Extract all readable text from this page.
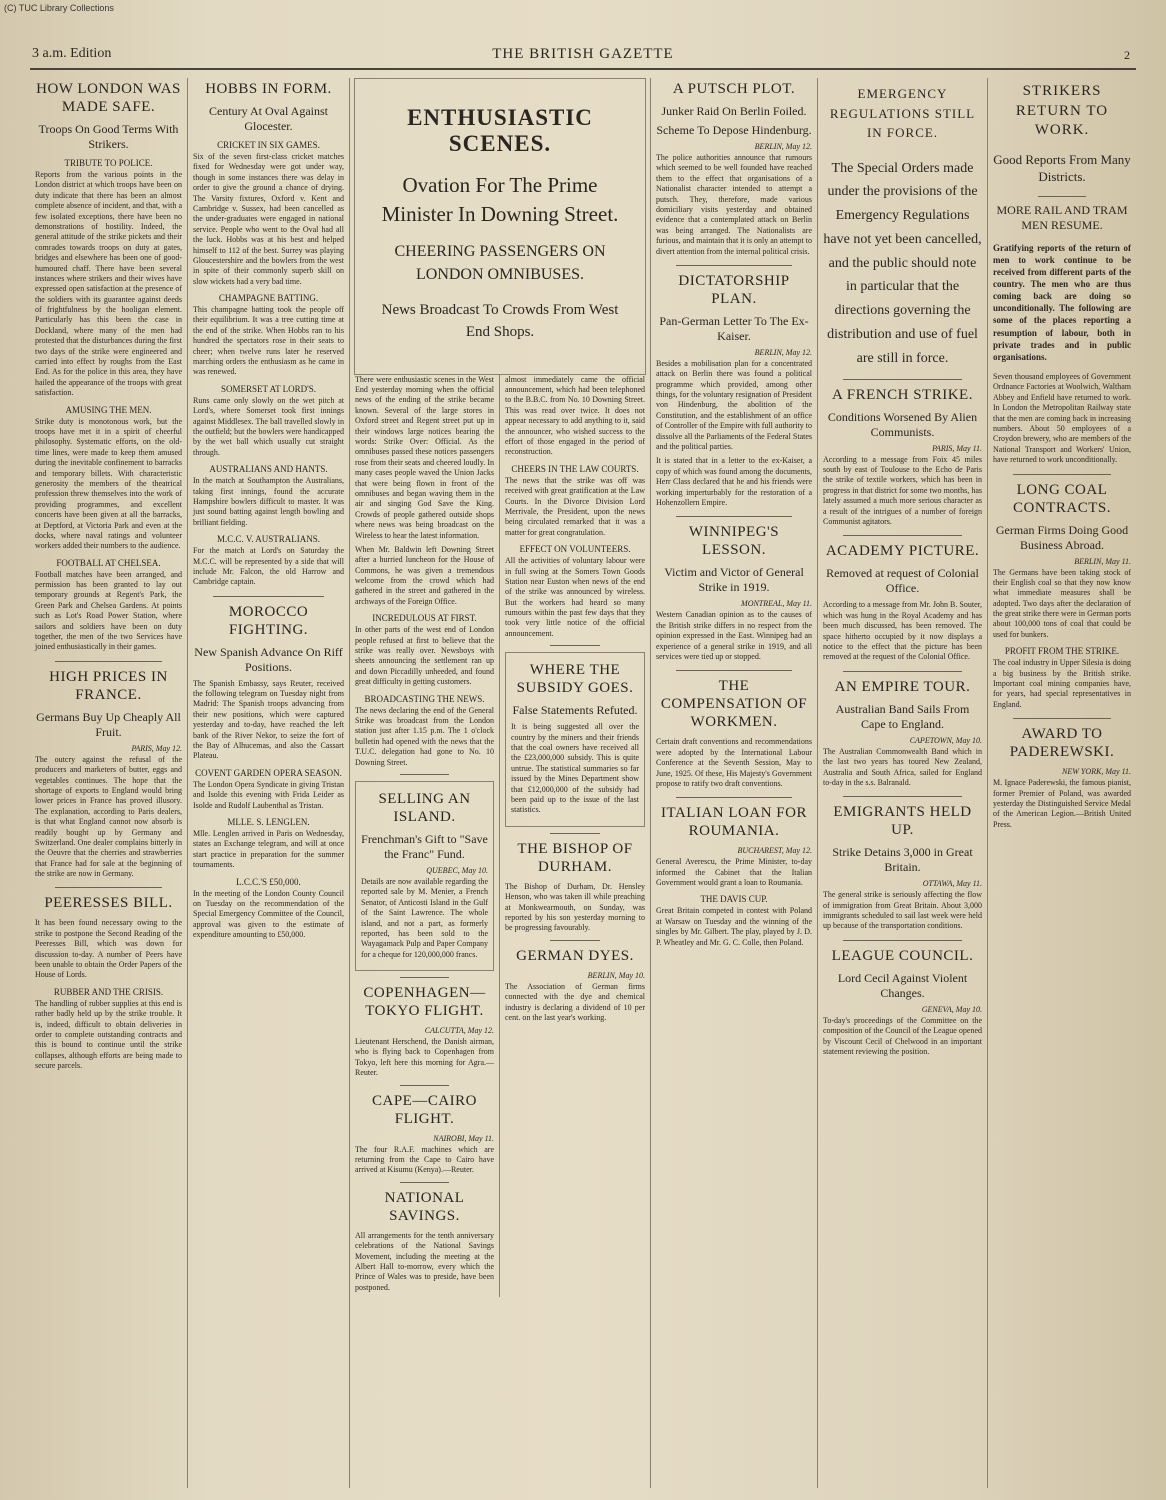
(C) TUC Library Collections
3 a.m. Edition	THE BRITISH GAZETTE	2
HOW LONDON WAS MADE SAFE.
Troops On Good Terms With Strikers.
TRIBUTE TO POLICE.

Reports from the various points in the London district at which troops have been on duty indicate that there has been an almost complete absence of incident, and that, with a few isolated exceptions, there have been no demonstrations of hostility. Indeed, the general attitude of the strike pickets and their comrades towards troops on duty at gates, bridges and elsewhere has been one of good-humoured chaff. There have been several instances where strikers and their wives have expressed open satisfaction at the presence of the soldiers with its guarantee against deeds of frightfulness by the hooligan element. Particularly has this been the case in Dockland, where many of the men had protested that the disturbances during the first two days of the strike were engineered and carried into effect by roughs from the East End. As for the police in this area, they have hailed the appearance of the troops with great satisfaction.

AMUSING THE MEN.

Strike duty is monotonous work, but the troops have met it in a spirit of cheerful philosophy. Systematic efforts, on the old-time lines, were made to keep them amused during the inevitable confinement to barracks and temporary billets. With characteristic generosity the members of the theatrical profession threw themselves into the work of providing programmes, and excellent concerts have been given at all the barracks, at Deptford, at Victoria Park and even at the docks, where naval ratings and volunteer workers added their numbers to the audience.

FOOTBALL AT CHELSEA.

Football matches have been arranged, and permission has been granted to lay out temporary grounds at Regent's Park, the Green Park and Chelsea Gardens. At points such as Lot's Road Power Station, where sailors and soldiers have been on duty together, the men of the two Services have joined enthusiastically in their games.

HIGH PRICES IN FRANCE.
Germans Buy Up Cheaply All Fruit.
PARIS, May 12.

The outcry against the refusal of the producers and marketers of butter, eggs and vegetables continues. The hope that the shortage of exports to England would bring lower prices in France has proved illusory. The explanation, according to Paris dealers, is that what England cannot now absorb is readily bought up by Germany and Switzerland. One dealer complains bitterly in the Oeuvre that the cherries and strawberries that France had for sale at the beginning of the strike are now in Germany.

PEERESSES BILL.

It has been found necessary owing to the strike to postpone the Second Reading of the Peeresses Bill, which was down for discussion to-day. A number of Peers have been unable to obtain the Order Papers of the House of Lords.

RUBBER AND THE CRISIS.

The handling of rubber supplies at this end is rather badly held up by the strike trouble. It is, indeed, difficult to obtain deliveries in order to complete outstanding contracts and this is bound to continue until the strike collapses, although efforts are being made to secure parcels.

HOBBS IN FORM.
Century At Oval Against Glocester.
CRICKET IN SIX GAMES.

Six of the seven first-class cricket matches fixed for Wednesday were got under way, though in some instances there was delay in order to give the ground a chance of drying. The Varsity fixtures, Oxford v. Kent and Cambridge v. Sussex, had been cancelled as the under-graduates were engaged in national service. People who went to the Oval had all the luck. Hobbs was at his best and helped himself to 112 of the best. Surrey was playing Gloucestershire and the bowlers from the west in spite of their commonly superb skill on slow wickets had a very bad time.

CHAMPAGNE BATTING.

This champagne batting took the people off their equilibrium. It was a tree cutting time at the end of the strike. When Hobbs ran to his hundred the spectators rose in their seats to cheer; when twelve runs later he reserved marching orders the enthusiasm as he came in was renewed.

SOMERSET AT LORD'S.

Runs came only slowly on the wet pitch at Lord's, where Somerset took first innings against Middlesex. The ball travelled slowly in the outfield; but the bowlers were handicapped by the wet ball which usually cut straight through.

AUSTRALIANS AND HANTS.

In the match at Southampton the Australians, taking first innings, found the accurate Hampshire bowlers difficult to master. It was just sound batting against length bowling and brilliant fielding.

M.C.C. V. AUSTRALIANS.

For the match at Lord's on Saturday the M.C.C. will be represented by a side that will include Mr. Falcon, the old Harrow and Cambridge captain.

MOROCCO FIGHTING.
New Spanish Advance On Riff Positions.

The Spanish Embassy, says Reuter, received the following telegram on Tuesday night from Madrid: The Spanish troops advancing from their new positions, which were captured yesterday and to-day, have reached the left bank of the River Nekor, to seize the fort of the Bay of Alhucemas, and also the Cassart Plateau.

COVENT GARDEN OPERA SEASON.

The London Opera Syndicate in giving Tristan and Isolde this evening with Frida Leider as Isolde and Rudolf Laubenthal as Tristan.

MLLE. S. LENGLEN.

Mlle. Lenglen arrived in Paris on Wednesday, states an Exchange telegram, and will at once start practice in preparation for the summer tournaments.

L.C.C.'S £50,000.

In the meeting of the London County Council on Tuesday on the recommendation of the Special Emergency Committee of the Council, approval was given to the estimate of expenditure amounting to £50,000.

ENTHUSIASTIC SCENES.
Ovation For The Prime Minister In Downing Street.
CHEERING PASSENGERS ON LONDON OMNIBUSES.
News Broadcast To Crowds From West End Shops.

There were enthusiastic scenes in the West End yesterday morning when the official news of the ending of the strike became known. Several of the large stores in Oxford street and Regent street put up in their windows large notices bearing the words: Strike Over: Official. As the omnibuses passed these notices passengers rose from their seats and cheered loudly. In many cases people waved the Union Jacks that were being flown in front of the omnibuses and began waving them in the air and singing God Save the King. Crowds of people gathered outside shops where news was being broadcast on the Wireless to hear the latest information.

When Mr. Baldwin left Downing Street after a hurried luncheon for the House of Commons, he was given a tremendous welcome from the crowd which had gathered in the street and gathered in the archways of the Foreign Office.

INCREDULOUS AT FIRST.

In other parts of the west end of London people refused at first to believe that the strike was really over. Newsboys with sheets announcing the settlement ran up and down Piccadilly unheeded, and found great difficulty in getting customers.

BROADCASTING THE NEWS.

The news declaring the end of the General Strike was broadcast from the London station just after 1.15 p.m. The 1 o'clock bulletin had opened with the news that the T.U.C. delegation had gone to No. 10 Downing Street.

SELLING AN ISLAND.
Frenchman's Gift to "Save the Franc" Fund.
QUEBEC, May 10.

Details are now available regarding the reported sale by M. Menier, a French Senator, of Anticosti Island in the Gulf of the Saint Lawrence. The whole island, and not a part, as formerly reported, has been sold to the Wayagamack Pulp and Paper Company for a cheque for 120,000,000 francs.

COPENHAGEN—TOKYO FLIGHT.
CALCUTTA, May 12.

Lieutenant Herschend, the Danish airman, who is flying back to Copenhagen from Tokyo, left here this morning for Agra.—Reuter.

CAPE—CAIRO FLIGHT.
NAIROBI, May 11.

The four R.A.F. machines which are returning from the Cape to Cairo have arrived at Kisumu (Kenya).—Reuter.

NATIONAL SAVINGS.

All arrangements for the tenth anniversary celebrations of the National Savings Movement, including the meeting at the Albert Hall to-morrow, every which the Prince of Wales was to preside, have been postponed.

almost immediately came the official announcement, which had been telephoned to the B.B.C. from No. 10 Downing Street. This was read over twice. It does not appear necessary to add anything to it, said the announcer, who wished success to the effort of those engaged in the period of reconstruction.

CHEERS IN THE LAW COURTS.

The news that the strike was off was received with great gratification at the Law Courts. In the Divorce Division Lord Merrivale, the President, upon the news being circulated remarked that it was a matter for great congratulation.

EFFECT ON VOLUNTEERS.

All the activities of voluntary labour were in full swing at the Somers Town Goods Station near Euston when news of the end of the strike was announced by wireless. But the workers had heard so many rumours within the past few days that they took very little notice of the official announcement.

WHERE THE SUBSIDY GOES.
False Statements Refuted.

It is being suggested all over the country by the miners and their friends that the coal owners have received all the £23,000,000 subsidy. This is quite untrue. The statistical summaries so far issued by the Mines Department show that £12,000,000 of the subsidy had been paid up to the issue of the last statistics.

THE BISHOP OF DURHAM.

The Bishop of Durham, Dr. Hensley Henson, who was taken ill while preaching at Monkwearmouth, on Sunday, was reported by his son yesterday morning to be progressing favourably.

GERMAN DYES.
BERLIN, May 10.

The Association of German firms connected with the dye and chemical industry is declaring a dividend of 10 per cent. on the last year's working.

A PUTSCH PLOT.
Junker Raid On Berlin Foiled.
Scheme To Depose Hindenburg.
BERLIN, May 12.

The police authorities announce that rumours which seemed to be well founded have reached them to the effect that organisations of a Nationalist character intended to attempt a putsch. They, therefore, made various domiciliary visits yesterday and obtained evidence that a contemplated attack on Berlin was being arranged. The Nationalists are furious, and maintain that it is only an attempt to divert attention from the internal political crisis.

DICTATORSHIP PLAN.
Pan-German Letter To The Ex-Kaiser.
BERLIN, May 12.

Besides a mobilisation plan for a concentrated attack on Berlin there was found a political programme which provided, among other things, for the voluntary resignation of President von Hindenburg, the abolition of the Constitution, and the establishment of an office of Controller of the Empire with full authority to dissolve all the Parliaments of the Federal States and the political parties.

It is stated that in a letter to the ex-Kaiser, a copy of which was found among the documents, Herr Class declared that he and his friends were working imperturbably for the restoration of a Hohenzollern Empire.

WINNIPEG'S LESSON.
Victim and Victor of General Strike in 1919.
MONTREAL, May 11.

Western Canadian opinion as to the causes of the British strike differs in no respect from the opinion expressed in the East. Winnipeg had an experience of a general strike in 1919, and all services were tied up or stopped.

THE COMPENSATION OF WORKMEN.

Certain draft conventions and recommendations were adopted by the International Labour Conference at the Seventh Session, May to June, 1925. Of these, His Majesty's Government propose to ratify two draft conventions.

ITALIAN LOAN FOR ROUMANIA.
BUCHAREST, May 12.

General Averescu, the Prime Minister, to-day informed the Cabinet that the Italian Government would grant a loan to Roumania.

THE DAVIS CUP.

Great Britain competed in contest with Poland at Warsaw on Tuesday and the winning of the singles by Mr. Gilbert. The play, played by J. D. P. Wheatley and Mr. G. C. Colle, then Poland.

EMERGENCY REGULATIONS STILL IN FORCE.
The Special Orders made under the provisions of the Emergency Regulations have not yet been cancelled, and the public should note in particular that the directions governing the distribution and use of fuel are still in force.
A FRENCH STRIKE.
Conditions Worsened By Alien Communists.
PARIS, May 11.

According to a message from Foix 45 miles south by east of Toulouse to the Echo de Paris the strike of textile workers, which has been in progress in that district for some two months, has lately assumed a much more serious character as a result of the intrigues of a number of foreign Communist agitators.

ACADEMY PICTURE.
Removed at request of Colonial Office.

According to a message from Mr. John B. Souter, which was hung in the Royal Academy and has been much discussed, has been removed. The space hitherto occupied by it now displays a notice to the effect that the picture has been removed at the request of the Colonial Office.

AN EMPIRE TOUR.
Australian Band Sails From Cape to England.
CAPETOWN, May 10.

The Australian Commonwealth Band which in the last two years has toured New Zealand, Australia and South Africa, sailed for England to-day in the s.s. Balranald.

EMIGRANTS HELD UP.
Strike Detains 3,000 in Great Britain.
OTTAWA, May 11.

The general strike is seriously affecting the flow of immigration from Great Britain. About 3,000 immigrants scheduled to sail last week were held up because of the transportation conditions.

LEAGUE COUNCIL.
Lord Cecil Against Violent Changes.
GENEVA, May 10.

To-day's proceedings of the Committee on the composition of the Council of the League opened by Viscount Cecil of Chelwood in an important statement reviewing the position.

STRIKERS RETURN TO WORK.
Good Reports From Many Districts.
MORE RAIL AND TRAM MEN RESUME.

Gratifying reports of the return of men to work continue to be received from different parts of the country. The men who are thus coming back are doing so unconditionally. The following are some of the places reporting a resumption of labour, both in private trades and in public organisations.

Seven thousand employees of Government Ordnance Factories at Woolwich, Waltham Abbey and Enfield have returned to work. In London the Metropolitan Railway state that the men are coming back in increasing numbers. About 50 employees of a Croydon brewery, who are members of the National Transport and Workers' Union, have returned to work unconditionally.

LONG COAL CONTRACTS.
German Firms Doing Good Business Abroad.
BERLIN, May 11.

The Germans have been taking stock of their English coal so that they now know what immediate measures shall be adopted. Two days after the declaration of the great strike there were in German ports about 100,000 tons of coal that could be used for bunkers.

PROFIT FROM THE STRIKE.

The coal industry in Upper Silesia is doing a big business by the British strike. Important coal mining companies have, for years, had special representatives in England.

AWARD TO PADEREWSKI.
NEW YORK, May 11.

M. Ignace Paderewski, the famous pianist, former Premier of Poland, was awarded yesterday the Distinguished Service Medal of the American Legion.—British United Press.
